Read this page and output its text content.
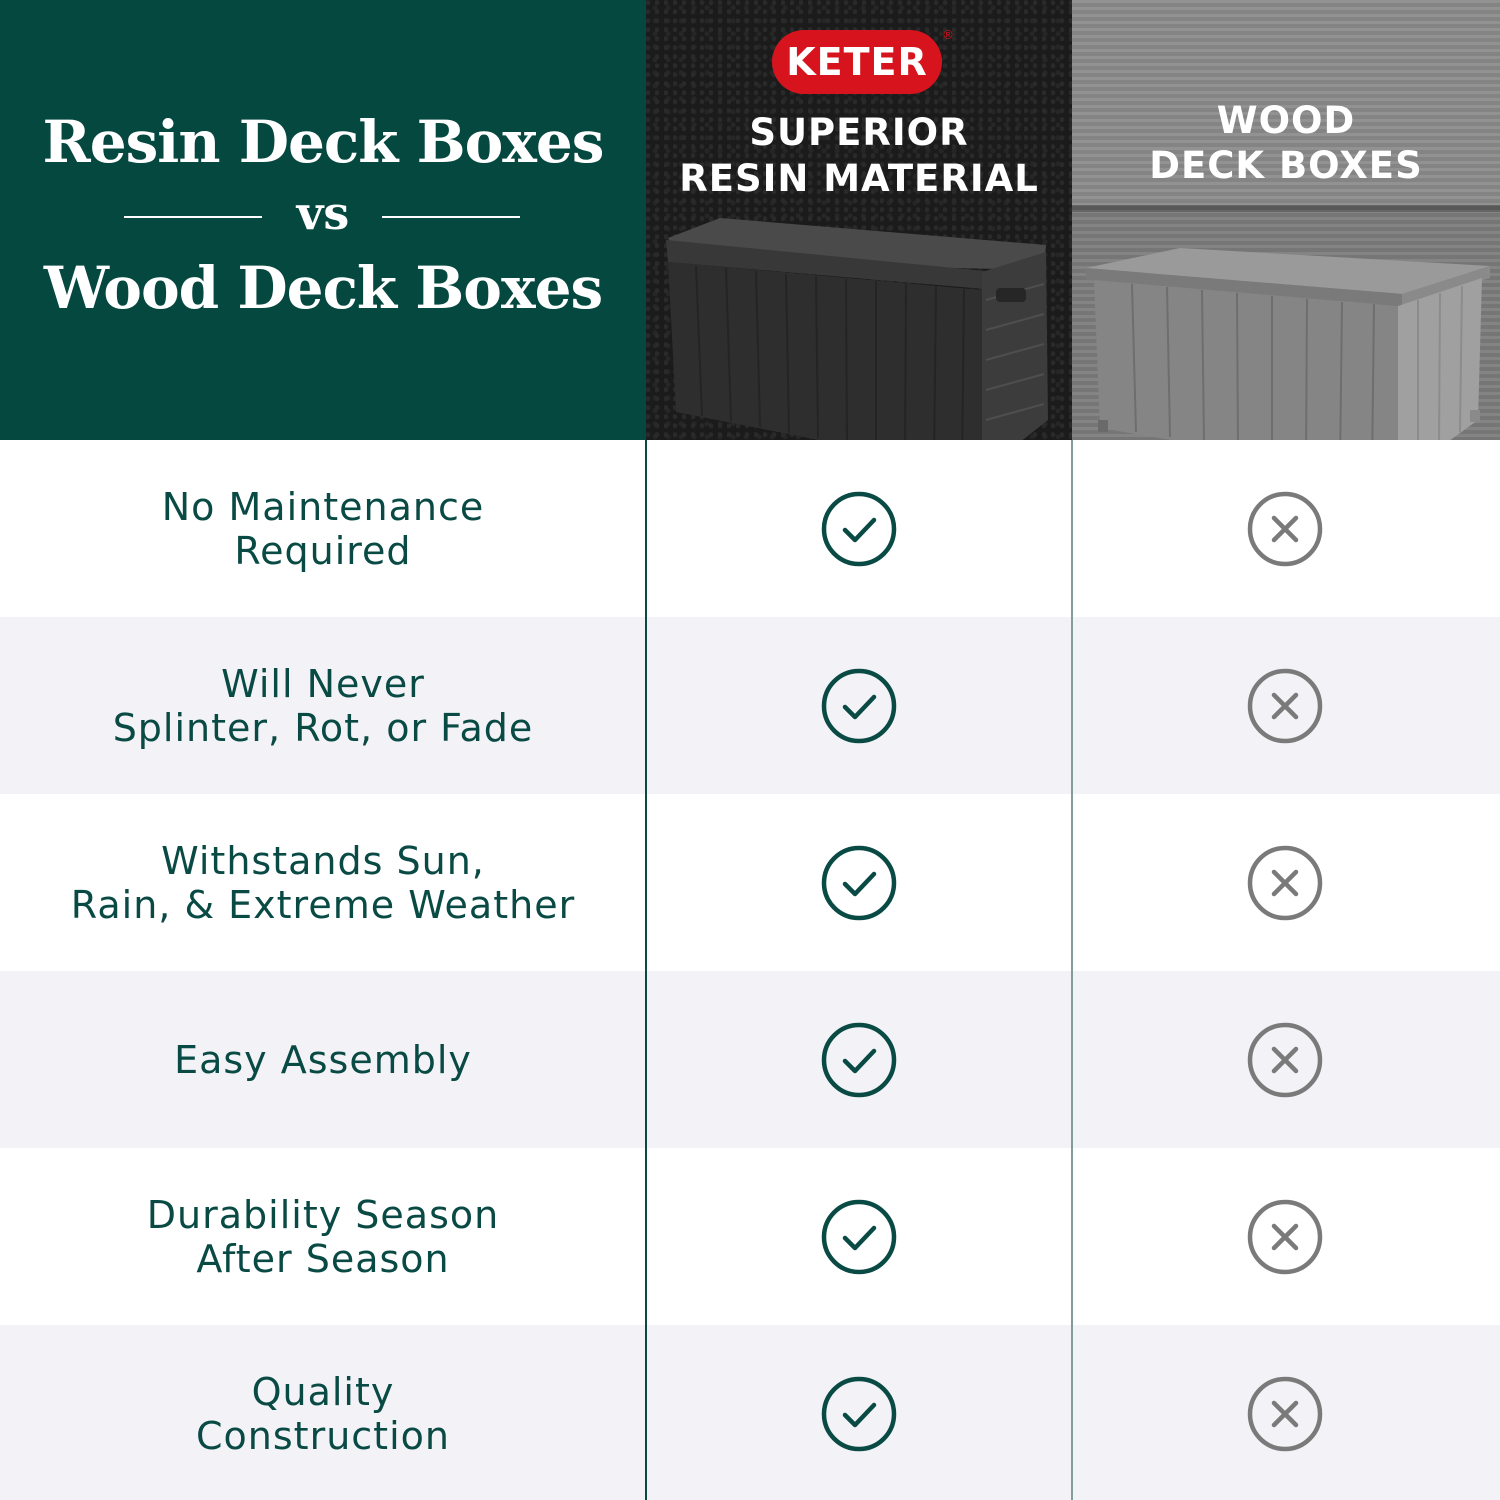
Resin Deck Boxes
vs
Wood Deck Boxes
KETER
®
SUPERIOR
RESIN MATERIAL
WOOD
DECK BOXES
No Maintenance
Required
Will Never
Splinter, Rot, or Fade
Withstands Sun,
Rain, & Extreme Weather
Easy Assembly
Durability Season
After Season
Quality
Construction
